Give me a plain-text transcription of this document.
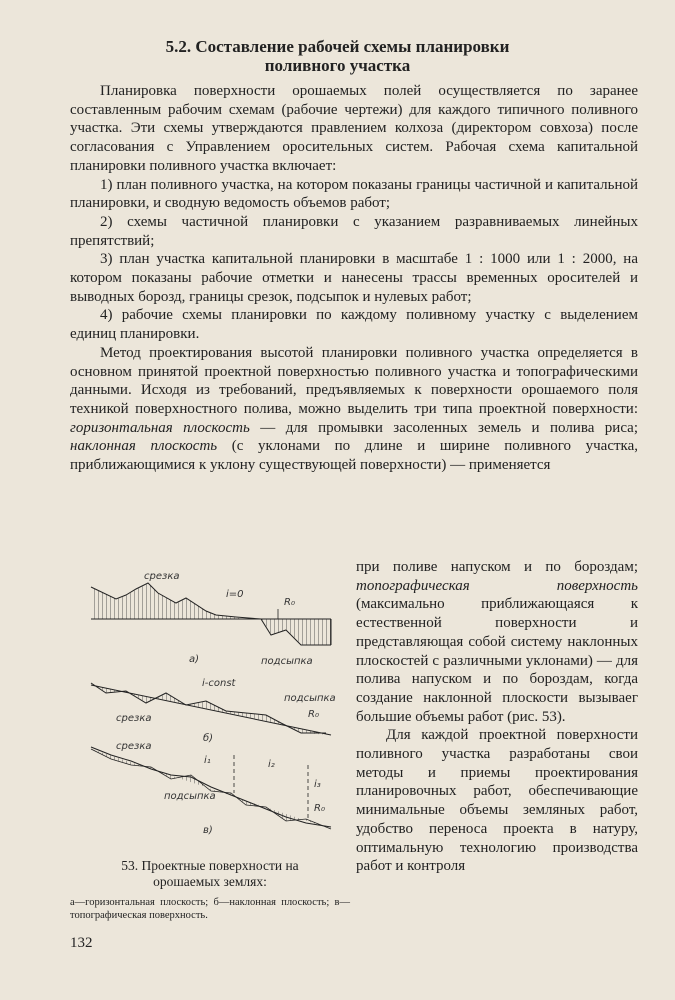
5.2. Составление рабочей схемы планировки
поливного участка

Планировка поверхности орошаемых полей осуществляется по заранее составленным рабочим схемам (рабочие чертежи) для каждого типичного поливного участка. Эти схемы утверждаются правлением колхоза (директором совхоза) после согласования с Управлением оросительных систем. Рабочая схема капитальной планировки поливного участка включает:

1) план поливного участка, на котором показаны границы частичной и капитальной планировки, и сводную ведомость объемов работ;

2) схемы частичной планировки с указанием разравниваемых линейных препятствий;

3) план участка капитальной планировки в масштабе 1 : 1000 или 1 : 2000, на котором показаны рабочие отметки и нанесены трассы временных оросителей и выводных борозд, границы срезок, подсыпок и нулевых работ;

4) рабочие схемы планировки по каждому поливному участку с выделением единиц планировки.

Метод проектирования высотой планировки поливного участка определяется в основном принятой проектной поверхностью поливного участка и топографическими данными. Исходя из требований, предъявляемых к поверхности орошаемого поля техникой поверхностного полива, можно выделить три типа проектной поверхности: горизонтальная плоскость — для промывки засоленных земель и полива риса; наклонная плоскость (с уклонами по длине и ширине поливного участка, приближающимися к уклону существующей поверхности) — применяется

при поливе напуском и по бороздам; топографическая поверхность (максимально приближающаяся к естественной поверхности и представляющая собой систему наклонных плоскостей с различными уклонами) — для полива напуском и по бороздам, когда создание наклонной плоскости вызываег большие объемы работ (рис. 53).

Для каждой проектной поверхности поливного участка разработаны свои методы и приемы проектирования планировочных работ, обеспечивающие минимальные объемы земляных работ, удобство переноса проекта в натуру, оптимальную технологию производства работ и контроля

срезка
i=0
R₀
подсыпка
а)
i-const
подсыпка
R₀
срезка
б)
срезка
i₁	i₂
i₃
подсыпка
R₀
в)
53. Проектные поверхности на
орошаемых землях:
а—горизонтальная плоскость; б—наклонная плоскость; в—топографическая поверхность.
132
